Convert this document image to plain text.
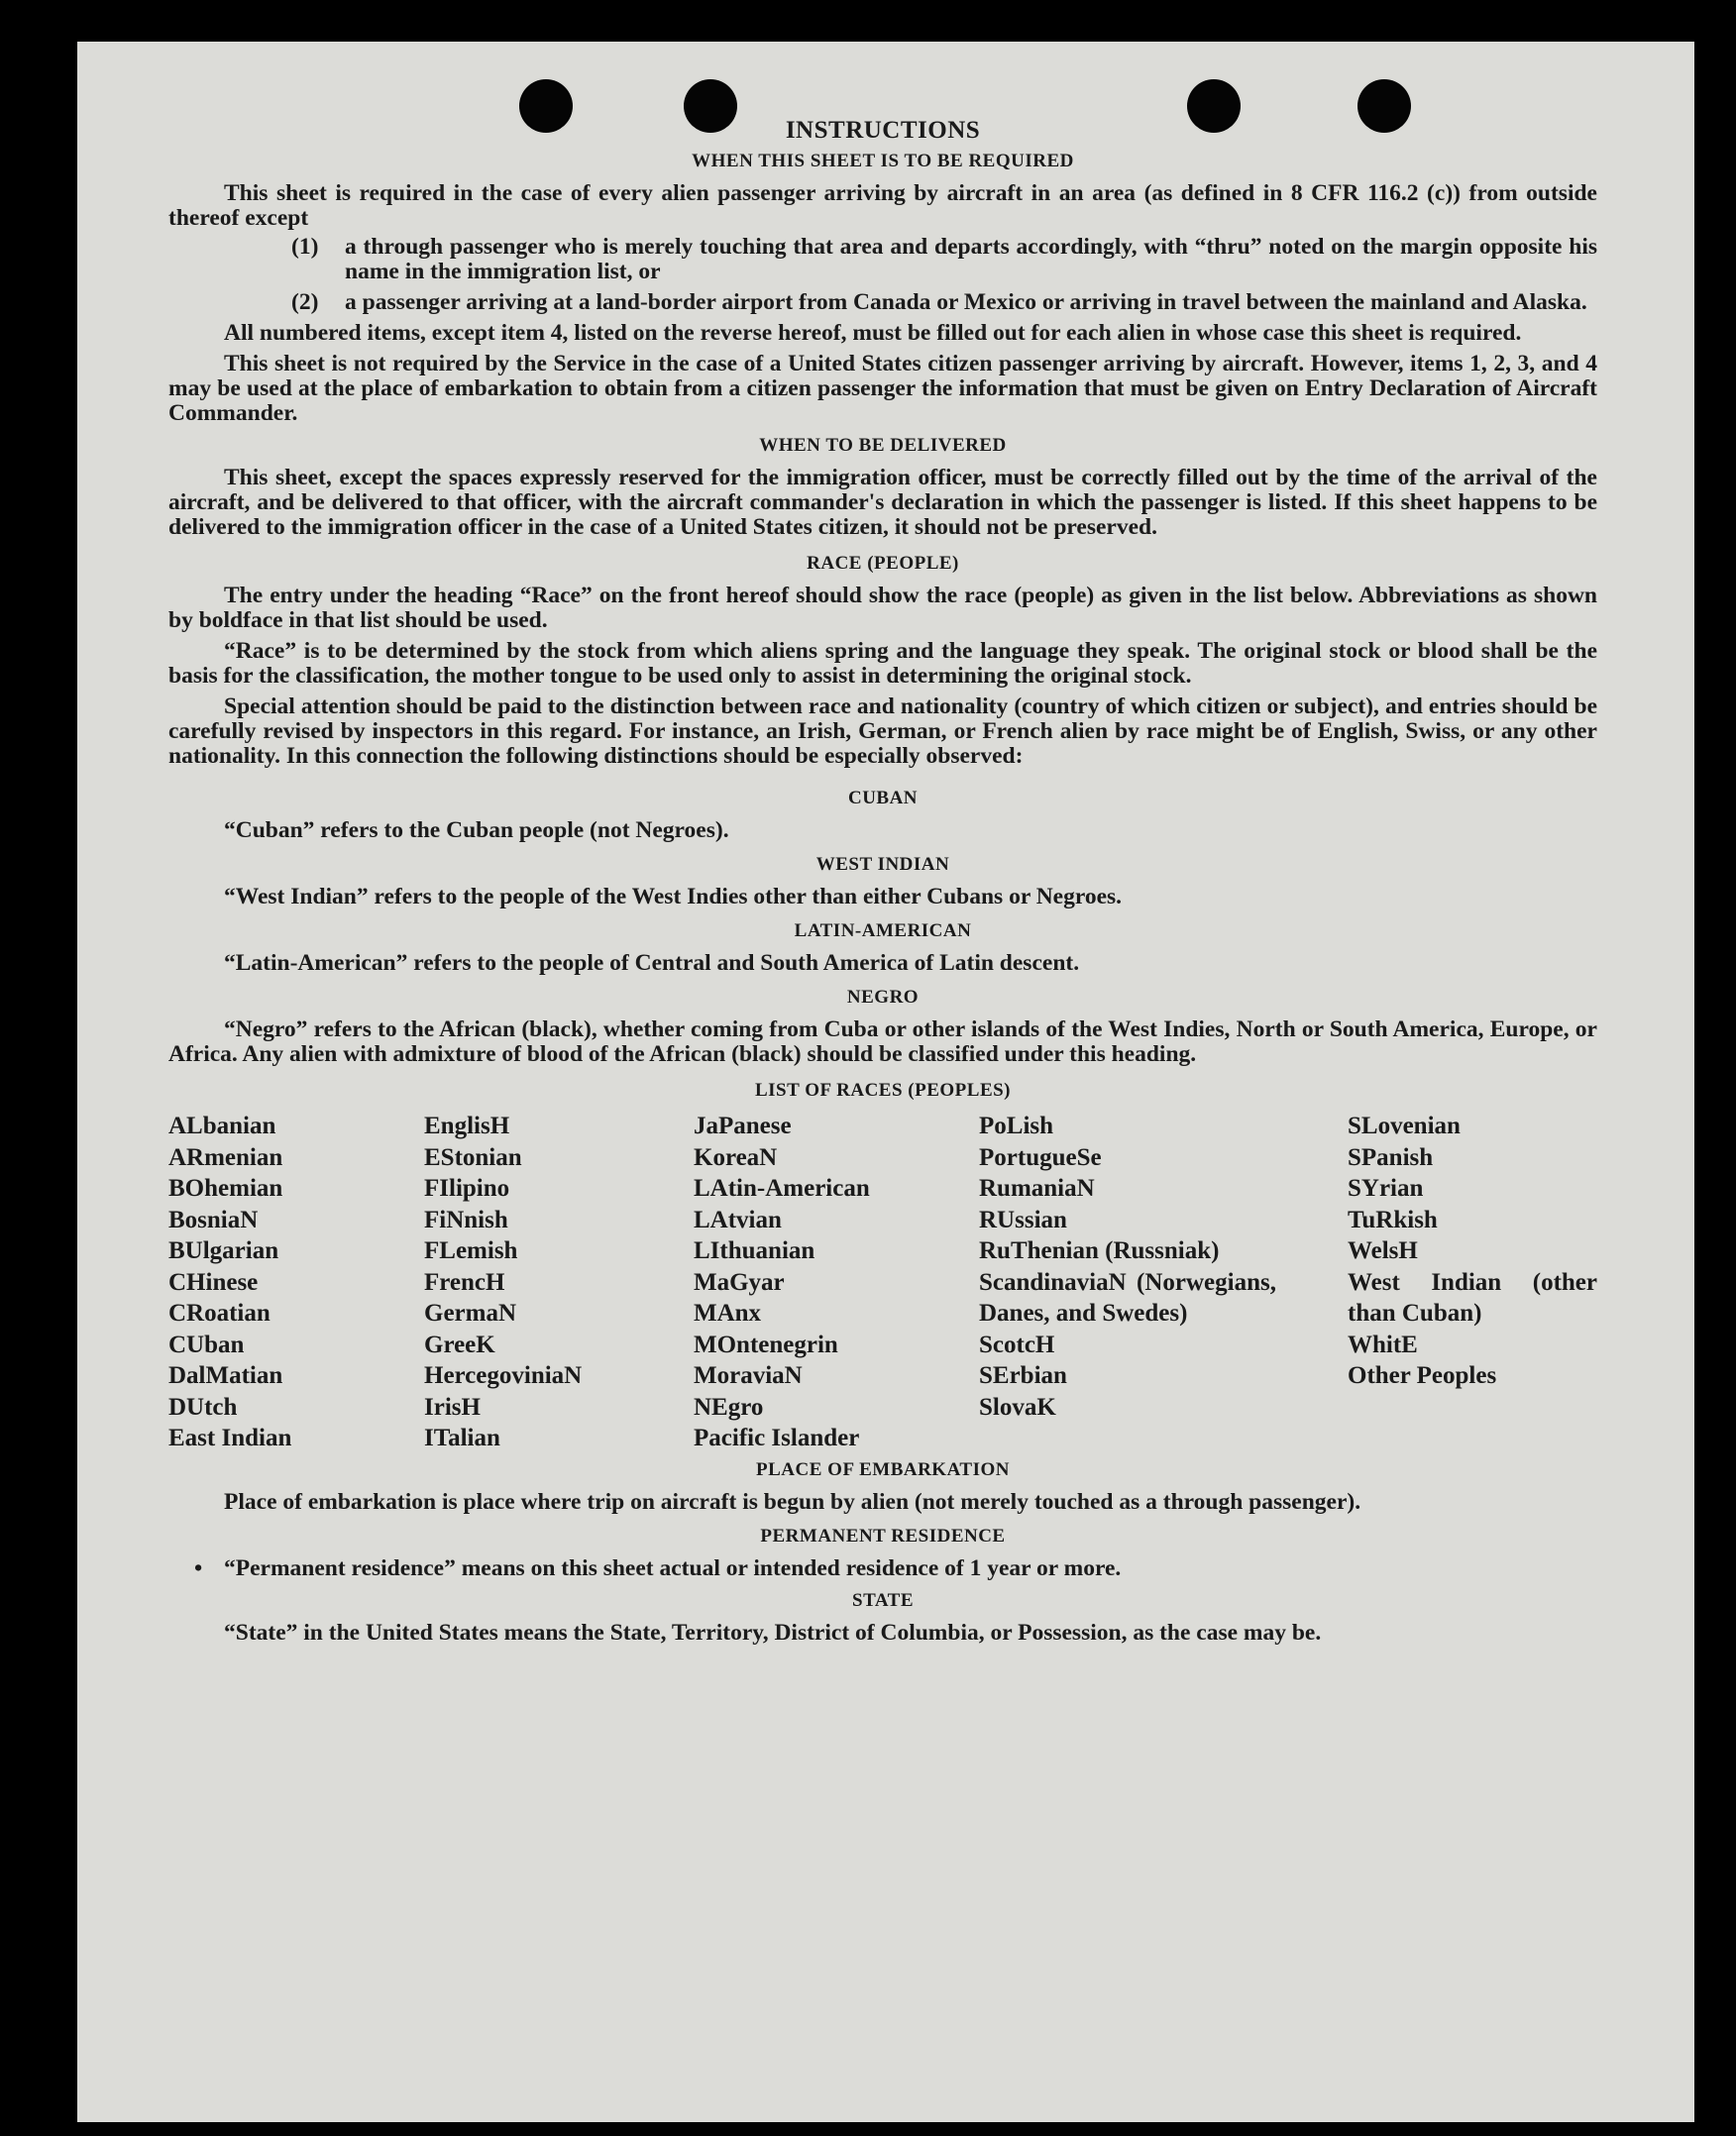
INSTRUCTIONS
WHEN THIS SHEET IS TO BE REQUIRED

This sheet is required in the case of every alien passenger arriving by aircraft in an area (as defined in 8 CFR 116.2 (c)) from outside thereof except

(1) a through passenger who is merely touching that area and departs accordingly, with “thru” noted on the margin opposite his name in the immigration list, or
(2) a passenger arriving at a land-border airport from Canada or Mexico or arriving in travel between the mainland and Alaska.

All numbered items, except item 4, listed on the reverse hereof, must be filled out for each alien in whose case this sheet is required.

This sheet is not required by the Service in the case of a United States citizen passenger arriving by aircraft. However, items 1, 2, 3, and 4 may be used at the place of embarkation to obtain from a citizen passenger the information that must be given on Entry Declaration of Aircraft Commander.

WHEN TO BE DELIVERED

This sheet, except the spaces expressly reserved for the immigration officer, must be correctly filled out by the time of the arrival of the aircraft, and be delivered to that officer, with the aircraft commander's declaration in which the passenger is listed. If this sheet happens to be delivered to the immigration officer in the case of a United States citizen, it should not be preserved.

RACE (PEOPLE)

The entry under the heading “Race” on the front hereof should show the race (people) as given in the list below. Abbreviations as shown by boldface in that list should be used.

“Race” is to be determined by the stock from which aliens spring and the language they speak. The original stock or blood shall be the basis for the classification, the mother tongue to be used only to assist in determining the original stock.

Special attention should be paid to the distinction between race and nationality (country of which citizen or subject), and entries should be carefully revised by inspectors in this regard. For instance, an Irish, German, or French alien by race might be of English, Swiss, or any other nationality. In this connection the following distinctions should be especially observed:

CUBAN

“Cuban” refers to the Cuban people (not Negroes).

WEST INDIAN

“West Indian” refers to the people of the West Indies other than either Cubans or Negroes.

LATIN-AMERICAN

“Latin-American” refers to the people of Central and South America of Latin descent.

NEGRO

“Negro” refers to the African (black), whether coming from Cuba or other islands of the West Indies, North or South America, Europe, or Africa. Any alien with admixture of blood of the African (black) should be classified under this heading.

LIST OF RACES (PEOPLES)
ALbanian
ARmenian
BOhemian
BosniaN
BUlgarian
CHinese
CRoatian
CUban
DalMatian
DUtch
East Indian
EnglisH
EStonian
FIlipino
FiNnish
FLemish
FrencH
GermaN
GreeK
HercegoviniaN
IrisH
ITalian
JaPanese
KoreaN
LAtin-American
LAtvian
LIthuanian
MaGyar
MAnx
MOntenegrin
MoraviaN
NEgro
Pacific Islander
PoLish
PortugueSe
RumaniaN
RUssian
RuThenian (Russniak)
ScandinaviaN (Norwegians, Danes, and Swedes)
ScotcH
SErbian
SlovaK
SLovenian
SPanish
SYrian
TuRkish
WelsH
West Indian (other than Cuban)
WhitE
Other Peoples
PLACE OF EMBARKATION

Place of embarkation is place where trip on aircraft is begun by alien (not merely touched as a through passenger).

PERMANENT RESIDENCE

• “Permanent residence” means on this sheet actual or intended residence of 1 year or more.

STATE

“State” in the United States means the State, Territory, District of Columbia, or Possession, as the case may be.
